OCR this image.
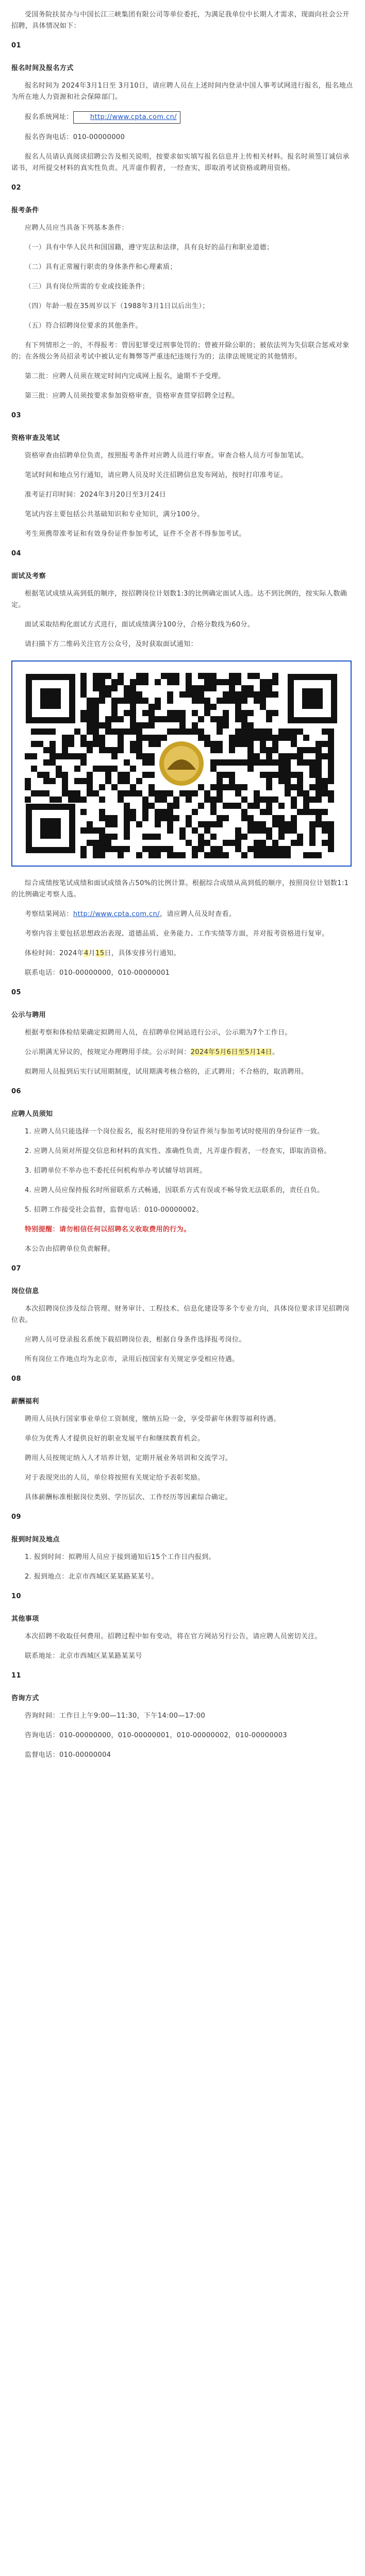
受国务院扶贫办与中国长江三峡集团有限公司等单位委托，为满足我单位中长期人才需求，现面向社会公开招聘，具体情况如下：

01

报名时间及报名方式

报名时间为 2024年3月1日至 3月10日，请应聘人员在上述时间内登录中国人事考试网进行报名，报名地点为所在地人力资源和社会保障部门。

报名系统网址：	http://www.cpta.com.cn/

报名咨询电话：010-00000000

报名人员请认真阅读招聘公告及相关说明，按要求如实填写报名信息并上传相关材料。报名时须签订诚信承诺书，对所提交材料的真实性负责。凡弄虚作假者，一经查实，即取消考试资格或聘用资格。

02

报考条件

应聘人员应当具备下列基本条件：

（一）具有中华人民共和国国籍，遵守宪法和法律，具有良好的品行和职业道德；

（二）具有正常履行职责的身体条件和心理素质；

（三）具有岗位所需的专业或技能条件；

（四）年龄一般在35周岁以下（1988年3月1日以后出生）；

（五）符合招聘岗位要求的其他条件。

有下列情形之一的，不得报考：曾因犯罪受过刑事处罚的；曾被开除公职的；被依法列为失信联合惩戒对象的；在各级公务员招录考试中被认定有舞弊等严重违纪违规行为的；法律法规规定的其他情形。

第二批：应聘人员须在规定时间内完成网上报名，逾期不予受理。

第三批：应聘人员须按要求参加资格审查，资格审查贯穿招聘全过程。

03

资格审查及笔试

资格审查由招聘单位负责，按照报考条件对应聘人员进行审查。审查合格人员方可参加笔试。

笔试时间和地点另行通知，请应聘人员及时关注招聘信息发布网站，按时打印准考证。

准考证打印时间：2024年3月20日至3月24日

笔试内容主要包括公共基础知识和专业知识，满分100分。

考生须携带准考证和有效身份证件参加考试，证件不全者不得参加考试。

04

面试及考察

根据笔试成绩从高到低的顺序，按招聘岗位计划数1:3的比例确定面试人选。达不到比例的，按实际人数确定。

面试采取结构化面试方式进行，面试成绩满分100分，合格分数线为60分。

请扫描下方二维码关注官方公众号，及时获取面试通知：

综合成绩按笔试成绩和面试成绩各占50%的比例计算。根据综合成绩从高到低的顺序，按照岗位计划数1:1的比例确定考察人选。

考察结果网站：http://www.cpta.com.cn/，请应聘人员及时查看。

考察内容主要包括思想政治表现、道德品质、业务能力、工作实绩等方面，并对报考资格进行复审。

体检时间：2024年4月15日，具体安排另行通知。

联系电话：010-00000000，010-00000001

05

公示与聘用

根据考察和体检结果确定拟聘用人员，在招聘单位网站进行公示，公示期为7个工作日。

公示期满无异议的，按规定办理聘用手续。公示时间：2024年5月6日至5月14日。

拟聘用人员报到后实行试用期制度，试用期满考核合格的，正式聘用；不合格的，取消聘用。

06

应聘人员须知

1. 应聘人员只能选择一个岗位报名，报名时使用的身份证件须与参加考试时使用的身份证件一致。

2. 应聘人员须对所提交信息和材料的真实性、准确性负责，凡弄虚作假者，一经查实，即取消资格。

3. 招聘单位不举办也不委托任何机构举办考试辅导培训班。

4. 应聘人员应保持报名时所留联系方式畅通，因联系方式有误或不畅导致无法联系的，责任自负。

5. 招聘工作接受社会监督，监督电话：010-00000002。

特别提醒：请勿相信任何以招聘名义收取费用的行为。

本公告由招聘单位负责解释。

07

岗位信息

本次招聘岗位涉及综合管理、财务审计、工程技术、信息化建设等多个专业方向，具体岗位要求详见招聘岗位表。

应聘人员可登录报名系统下载招聘岗位表，根据自身条件选择报考岗位。

所有岗位工作地点均为北京市，录用后按国家有关规定享受相应待遇。

08

薪酬福利

聘用人员执行国家事业单位工资制度，缴纳五险一金，享受带薪年休假等福利待遇。

单位为优秀人才提供良好的职业发展平台和继续教育机会。

聘用人员按规定纳入人才培养计划，定期开展业务培训和交流学习。

对于表现突出的人员，单位将按照有关规定给予表彰奖励。

具体薪酬标准根据岗位类别、学历层次、工作经历等因素综合确定。

09

报到时间及地点

1. 报到时间：拟聘用人员应于接到通知后15个工作日内报到。

2. 报到地点：北京市西城区某某路某某号。

10

其他事项

本次招聘不收取任何费用。招聘过程中如有变动，将在官方网站另行公告，请应聘人员密切关注。

联系地址：北京市西城区某某路某某号

11

咨询方式

咨询时间：工作日上午9:00—11:30，下午14:00—17:00

咨询电话：010-00000000，010-00000001，010-00000002，010-00000003

监督电话：010-00000004
